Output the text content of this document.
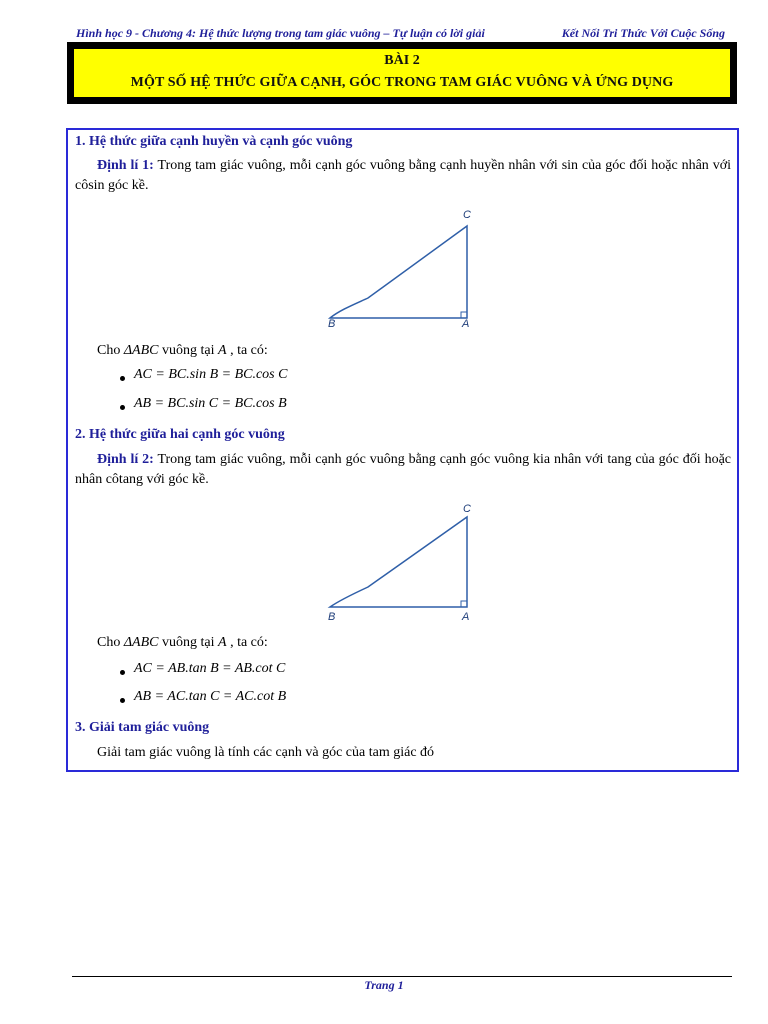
Hình học 9 - Chương 4: Hệ thức lượng trong tam giác vuông – Tự luận có lời giải	Kết Nối Tri Thức Với Cuộc Sống
BÀI 2
MỘT SỐ HỆ THỨC GIỮA CẠNH, GÓC TRONG TAM GIÁC VUÔNG VÀ ỨNG DỤNG
1. Hệ thức giữa cạnh huyền và cạnh góc vuông
Định lí 1: Trong tam giác vuông, mỗi cạnh góc vuông bằng cạnh huyền nhân với sin của góc đối hoặc nhân với côsin góc kề.
C
B	A
Cho ΔABC vuông tại A , ta có:
AC = BC.sin B = BC.cos C
AB = BC.sin C = BC.cos B
2. Hệ thức giữa hai cạnh góc vuông
Định lí 2: Trong tam giác vuông, mỗi cạnh góc vuông bằng cạnh góc vuông kia nhân với tang của góc đối hoặc nhân côtang với góc kề.
C
B	A
Cho ΔABC vuông tại A , ta có:
AC = AB.tan B = AB.cot C
AB = AC.tan C = AC.cot B
3. Giải tam giác vuông
Giải tam giác vuông là tính các cạnh và góc của tam giác đó
Trang 1
